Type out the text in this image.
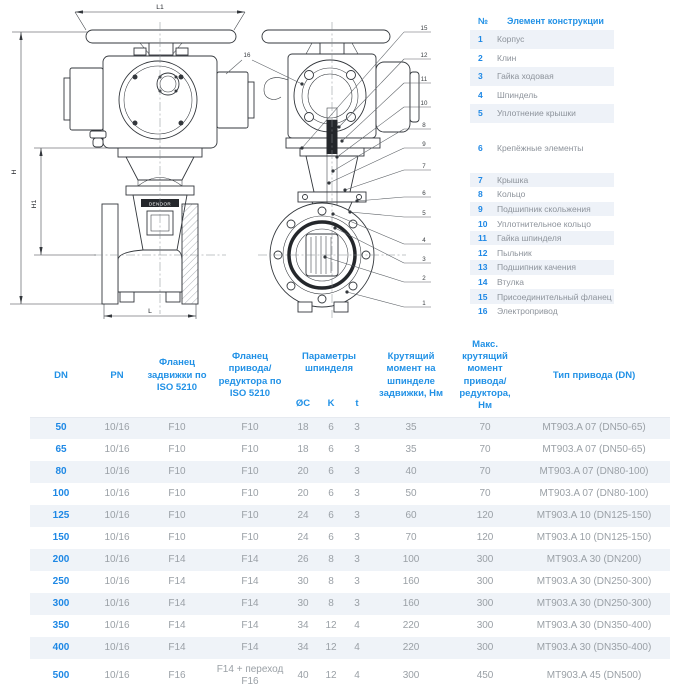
DENDOR
L1
H
H1
L
16
15
12
11
10
8
9
7
6
5
4
3
2
1
№	Элемент конструкции
1	Корпус
2	Клин
3	Гайка ходовая
4	Шпиндель
5	Уплотнение крышки
6	Крепёжные элементы
7	Крышка
8	Кольцо
9	Подшипник скольжения
10	Уплотнительное кольцо
11	Гайка шпинделя
12	Пыльник
13	Подшипник качения
14	Втулка
15	Присоединительный фланец
16	Электропривод
DN	PN	Фланец задвижки по ISO 5210	Фланец привода/редуктора по ISO 5210	Параметры шпинделя			Крутящий момент на шпинделе задвижки, Нм	Макс. крутящий момент привода/редуктора, Нм	Тип привода (DN)
				ØC	K	t			
50	10/16	F10	F10	18	6	3	35	70	MT903.A 07 (DN50-65)
65	10/16	F10	F10	18	6	3	35	70	MT903.A 07 (DN50-65)
80	10/16	F10	F10	20	6	3	40	70	MT903.A 07 (DN80-100)
100	10/16	F10	F10	20	6	3	50	70	MT903.A 07 (DN80-100)
125	10/16	F10	F10	24	6	3	60	120	MT903.A 10 (DN125-150)
150	10/16	F10	F10	24	6	3	70	120	MT903.A 10 (DN125-150)
200	10/16	F14	F14	26	8	3	100	300	MT903.A 30 (DN200)
250	10/16	F14	F14	30	8	3	160	300	MT903.A 30 (DN250-300)
300	10/16	F14	F14	30	8	3	160	300	MT903.A 30 (DN250-300)
350	10/16	F14	F14	34	12	4	220	300	MT903.A 30 (DN350-400)
400	10/16	F14	F14	34	12	4	220	300	MT903.A 30 (DN350-400)
500	10/16	F16	F14 + переход F16	40	12	4	300	450	MT903.A 45 (DN500)
